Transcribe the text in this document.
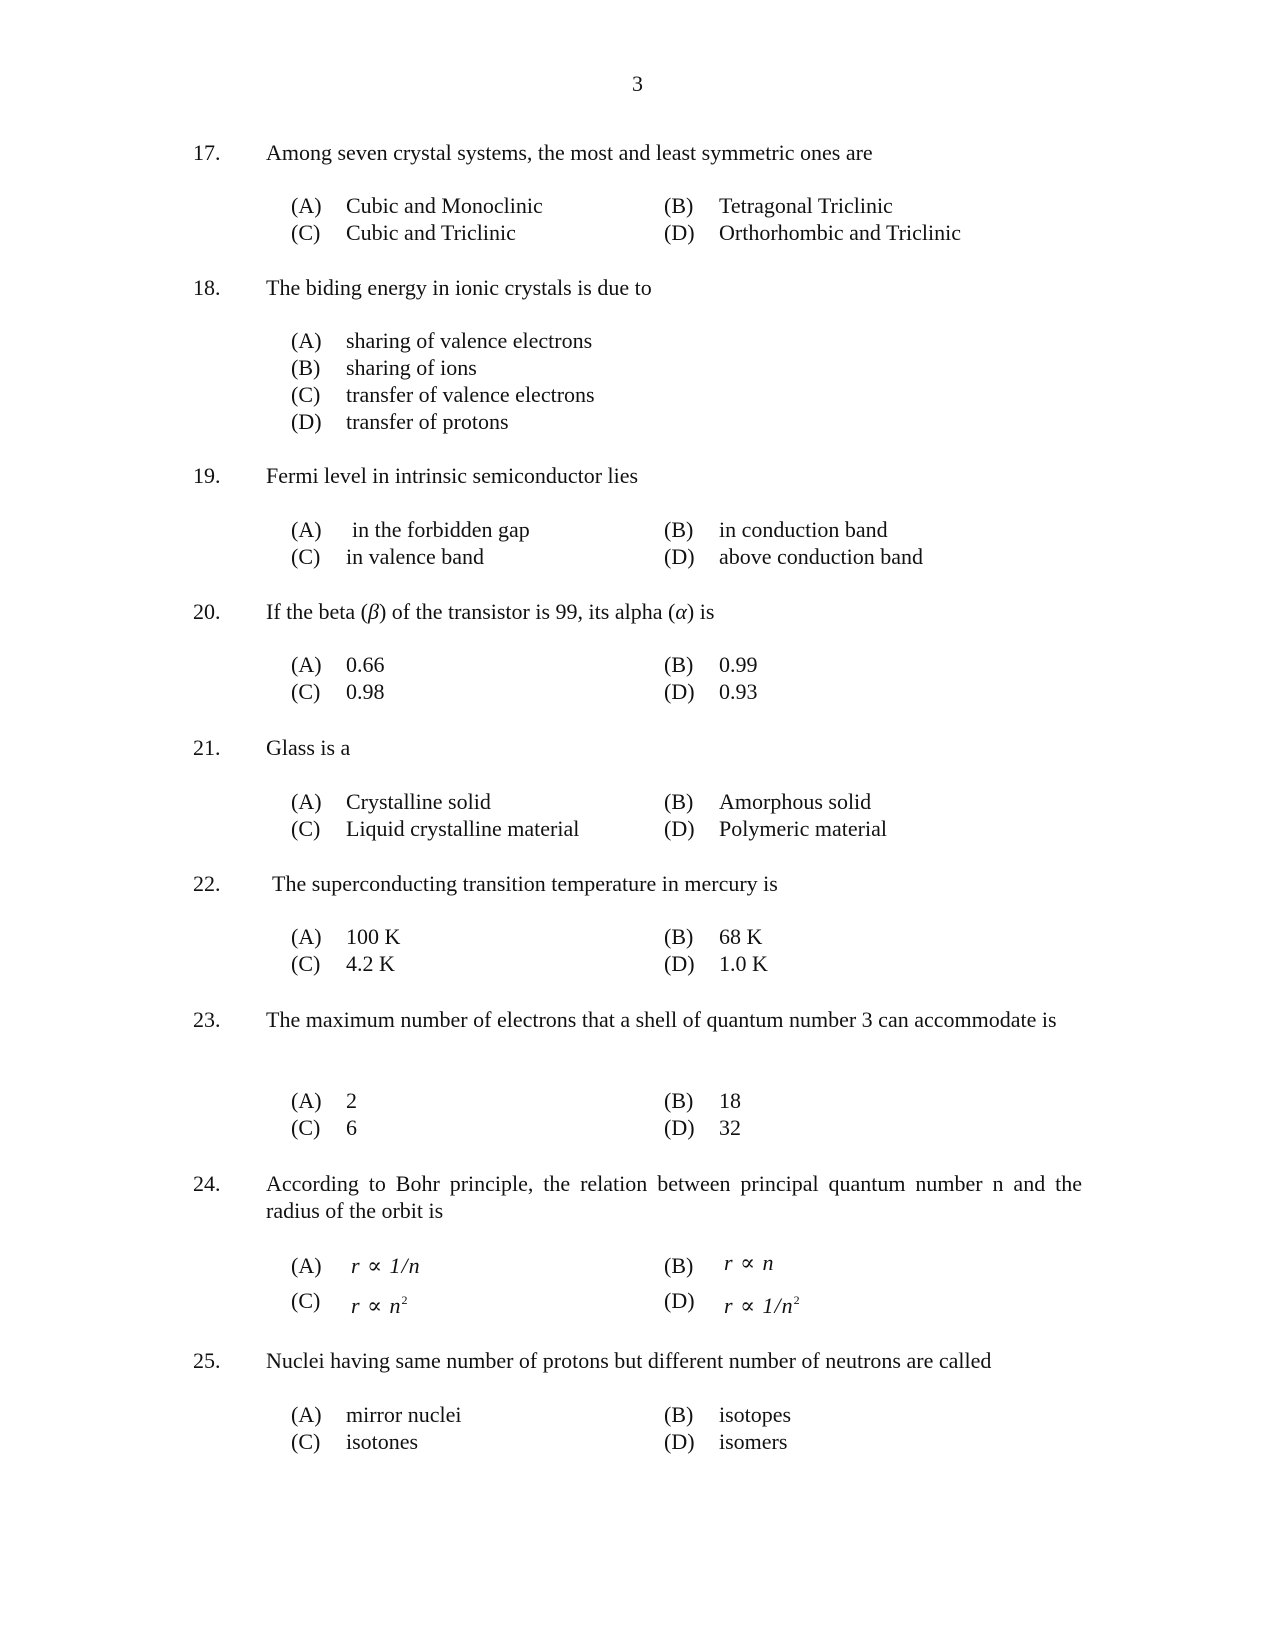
3
17. Among seven crystal systems, the most and least symmetric ones are
(A) Cubic and Monoclinic	(B) Tetragonal Triclinic
(C) Cubic and Triclinic	(D) Orthorhombic and Triclinic
18. The biding energy in ionic crystals is due to
(A) sharing of valence electrons
(B) sharing of ions
(C) transfer of valence electrons
(D) transfer of protons
19. Fermi level in intrinsic semiconductor lies
(A) in the forbidden gap	(B) in conduction band
(C) in valence band	(D) above conduction band
20. If the beta (β) of the transistor is 99, its alpha (α) is
(A) 0.66	(B) 0.99
(C) 0.98	(D) 0.93
21. Glass is a
(A) Crystalline solid	(B) Amorphous solid
(C) Liquid crystalline material	(D) Polymeric material
22. The superconducting transition temperature in mercury is
(A) 100 K	(B) 68 K
(C) 4.2 K	(D) 1.0 K
23. The maximum number of electrons that a shell of quantum number 3 can accommodate is
(A) 2	(B) 18
(C) 6	(D) 32
24. According to Bohr principle, the relation between principal quantum number n and the radius of the orbit is
(A) r ∝ 1/n	(B) r ∝ n
(C) $r \propto n^2$	(D) $r \propto 1/n^2$
25. Nuclei having same number of protons but different number of neutrons are called
(A) mirror nuclei	(B) isotopes
(C) isotones	(D) isomers
